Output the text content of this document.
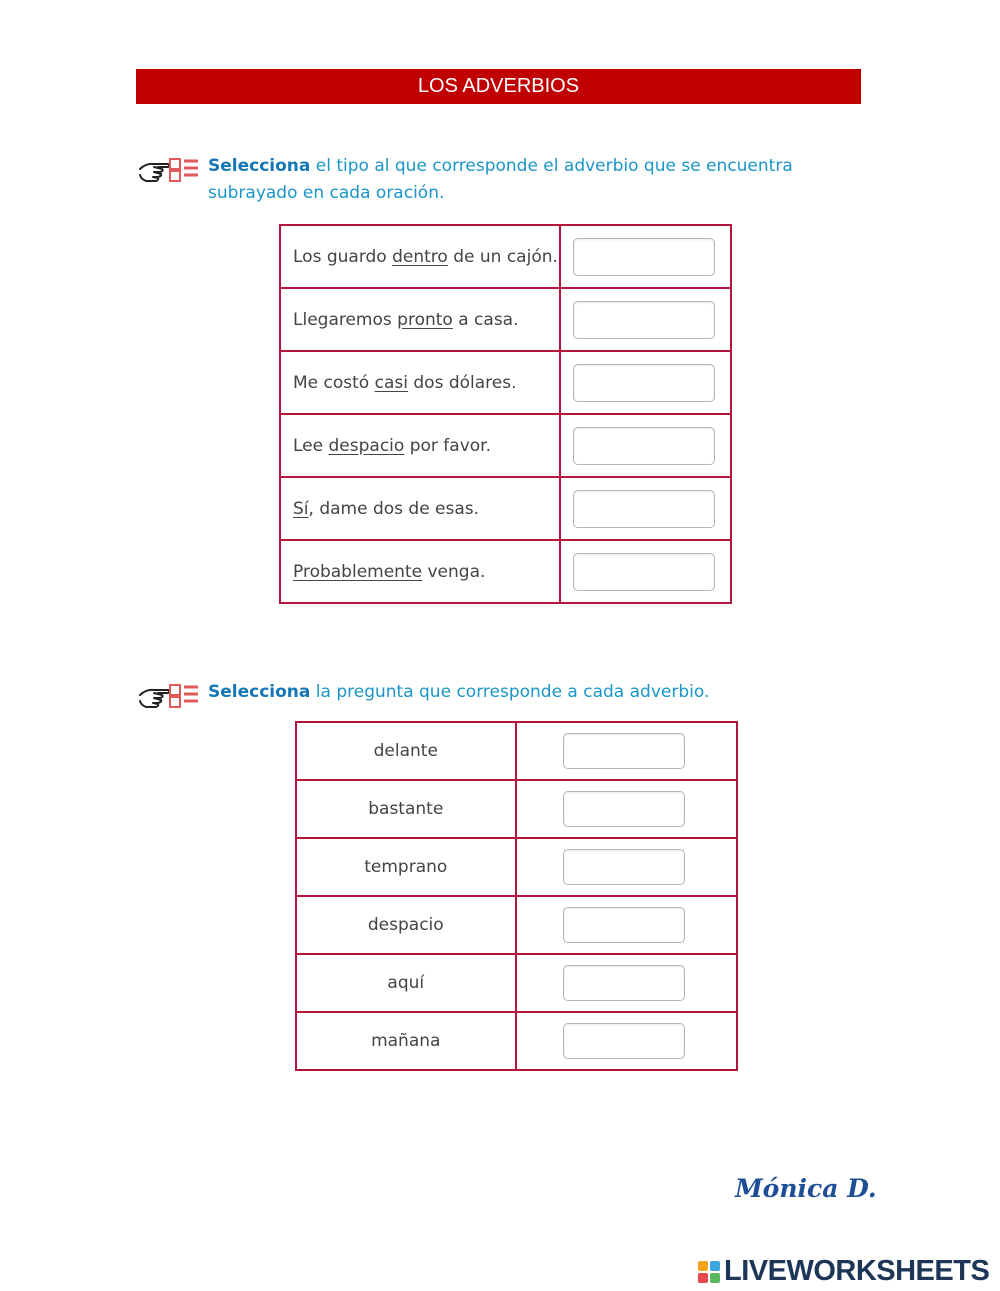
LOS ADVERBIOS
Selecciona el tipo al que corresponde el adverbio que se encuentra subrayado en cada oración.
Los guardo dentro de un cajón.	

Llegaremos pronto a casa.	

Me costó casi dos dólares.	

Lee despacio por favor.	

Sí, dame dos de esas.	

Probablemente venga.	
Selecciona la pregunta que corresponde a cada adverbio.
delante	

bastante	

temprano	

despacio	

aquí	

mañana	
Mónica D.
LIVEWORKSHEETS
